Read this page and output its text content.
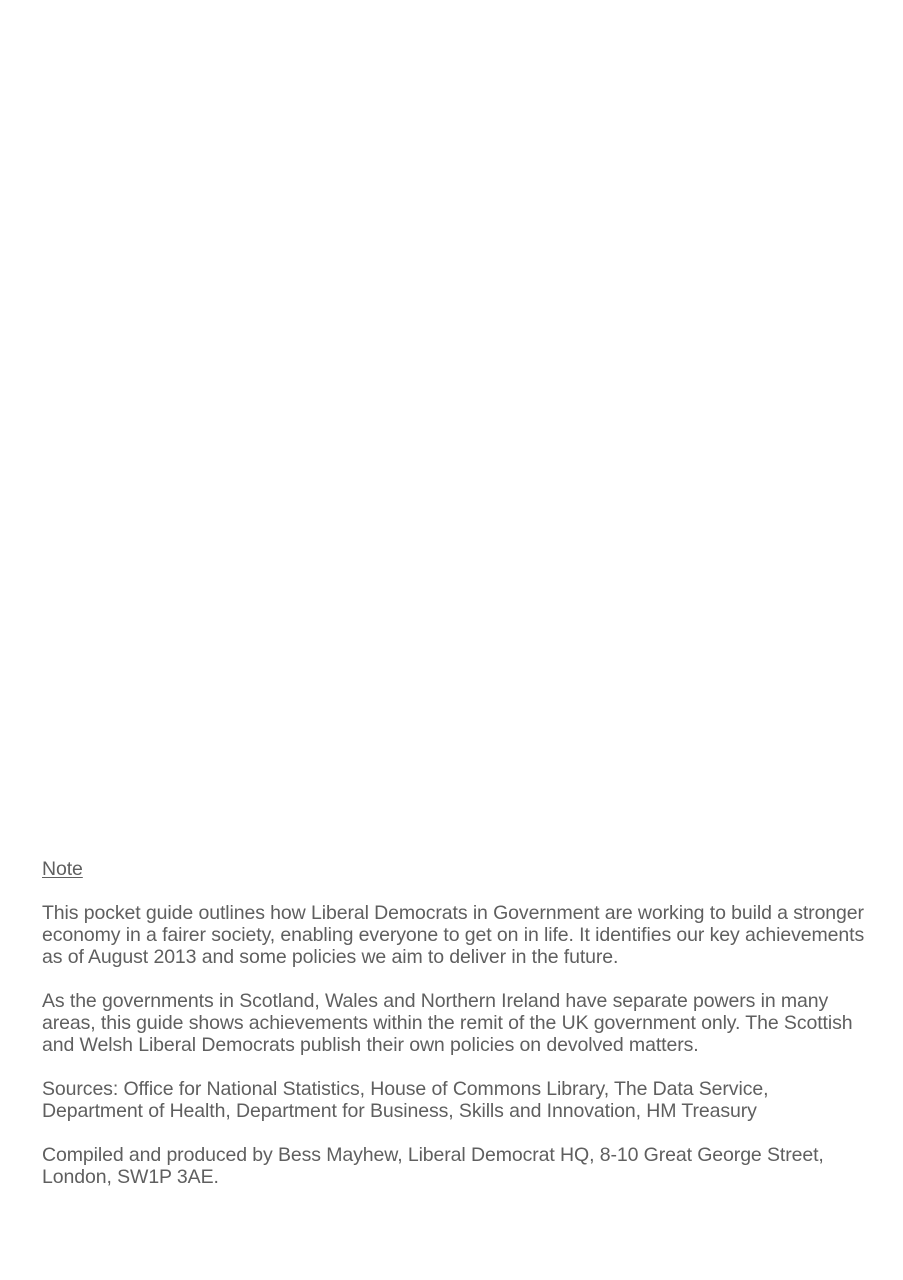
Note

This pocket guide outlines how Liberal Democrats in Government are working to build a stronger economy in a fairer society, enabling everyone to get on in life. It identifies our key achievements as of August 2013 and some policies we aim to deliver in the future.

As the governments in Scotland, Wales and Northern Ireland have separate powers in many areas, this guide shows achievements within the remit of the UK government only. The Scottish and Welsh Liberal Democrats publish their own policies on devolved matters.

Sources: Office for National Statistics, House of Commons Library, The Data Service, Department of Health, Department for Business, Skills and Innovation, HM Treasury

Compiled and produced by Bess Mayhew, Liberal Democrat HQ, 8-10 Great George Street, London, SW1P 3AE.
